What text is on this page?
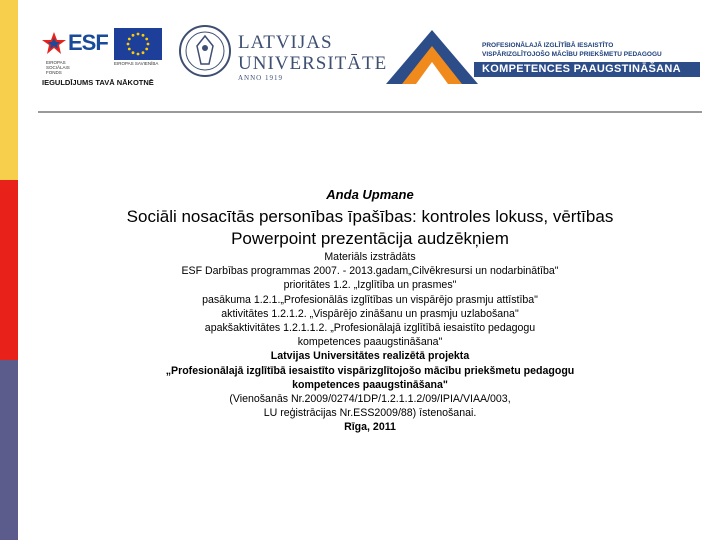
ESF
EIROPAS SOCIĀLAIS FONDS
IEGULDĪJUMS TAVĀ NĀKOTNĒ
EIROPAS SAVIENĪBA
LATVIJAS
UNIVERSITĀTE
ANNO 1919
PROFESIONĀLAJĀ IZGLĪTĪBĀ IESAISTĪTO
VISPĀRIZGLĪTOJOŠO MĀCĪBU PRIEKŠMETU PEDAGOGU
KOMPETENCES PAAUGSTINĀŠANA
Anda Upmane
Sociāli nosacītās personības īpašības: kontroles lokuss, vērtības
Powerpoint prezentācija audzēkņiem
Materiāls izstrādāts
ESF Darbības programmas 2007. - 2013.gadam„Cilvēkresursi un nodarbinātība"
prioritātes 1.2. „Izglītība un prasmes"
pasākuma 1.2.1.„Profesionālās izglītības un vispārējo prasmju attīstība"
aktivitātes 1.2.1.2. „Vispārējo zināšanu un prasmju uzlabošana"
apakšaktivitātes 1.2.1.1.2. „Profesionālajā izglītībā iesaistīto pedagogu
kompetences paaugstināšana"
Latvijas Universitātes realizētā projekta
„Profesionālajā izglītībā iesaistīto vispārizglītojošo mācību priekšmetu pedagogu
kompetences paaugstināšana"
(Vienošanās Nr.2009/0274/1DP/1.2.1.1.2/09/IPIA/VIAA/003,
LU reģistrācijas Nr.ESS2009/88) īstenošanai.
Rīga, 2011
